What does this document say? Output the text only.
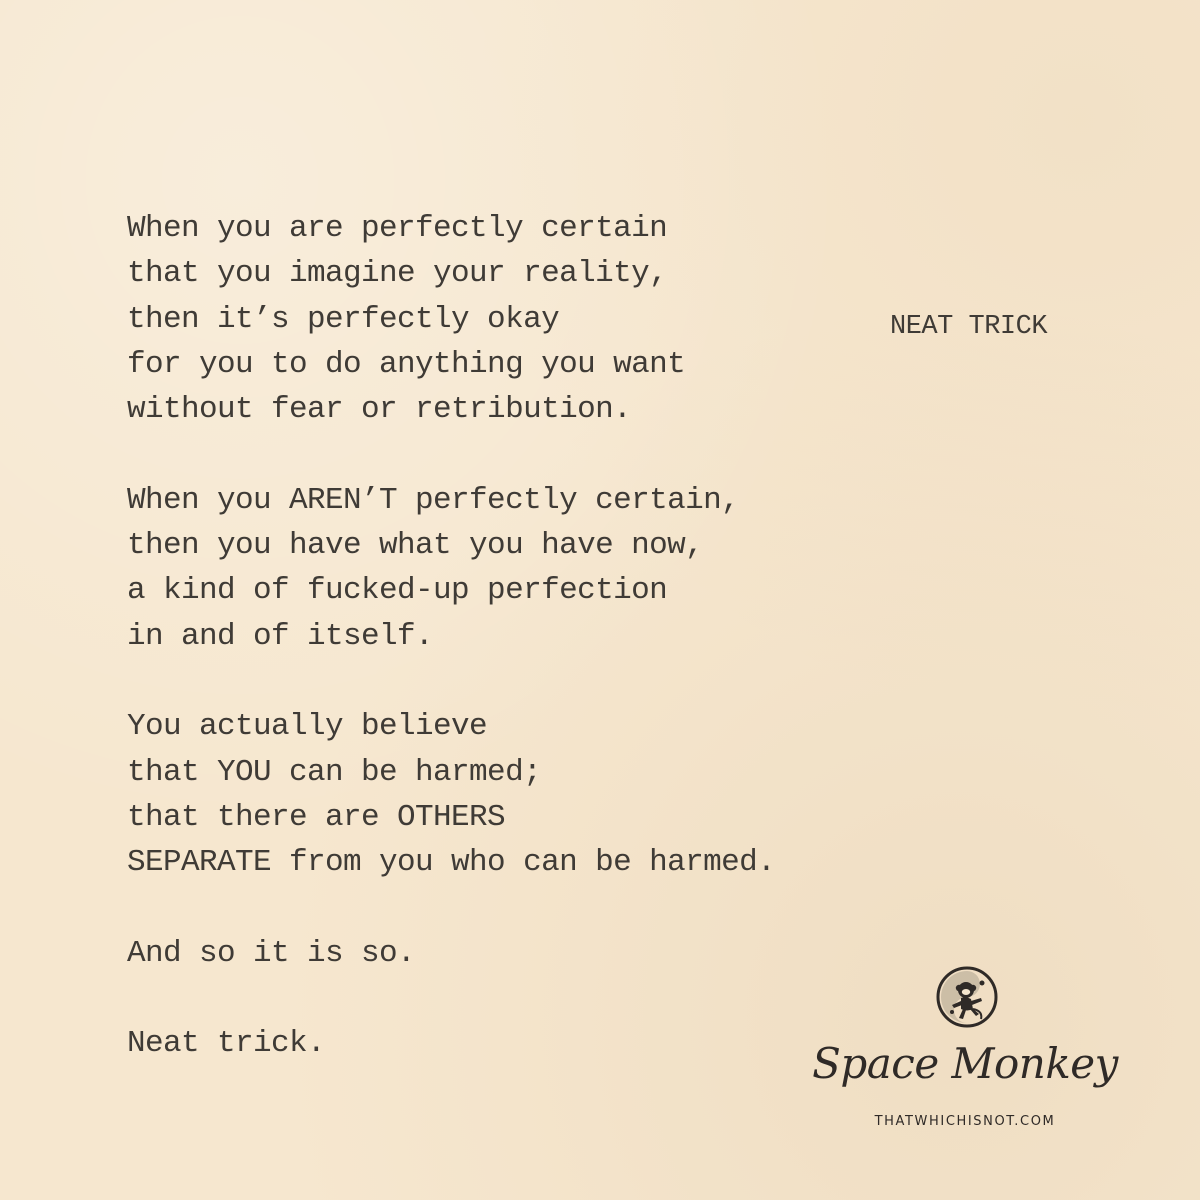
When you are perfectly certain
that you imagine your reality,
then it’s perfectly okay
for you to do anything you want
without fear or retribution.
When you AREN’T perfectly certain,
then you have what you have now,
a kind of fucked-up perfection
in and of itself.
You actually believe
that YOU can be harmed;
that there are OTHERS
SEPARATE from you who can be harmed.
And so it is so.
Neat trick.
NEAT TRICK
Space Monkey
THATWHICHISNOT.COM
